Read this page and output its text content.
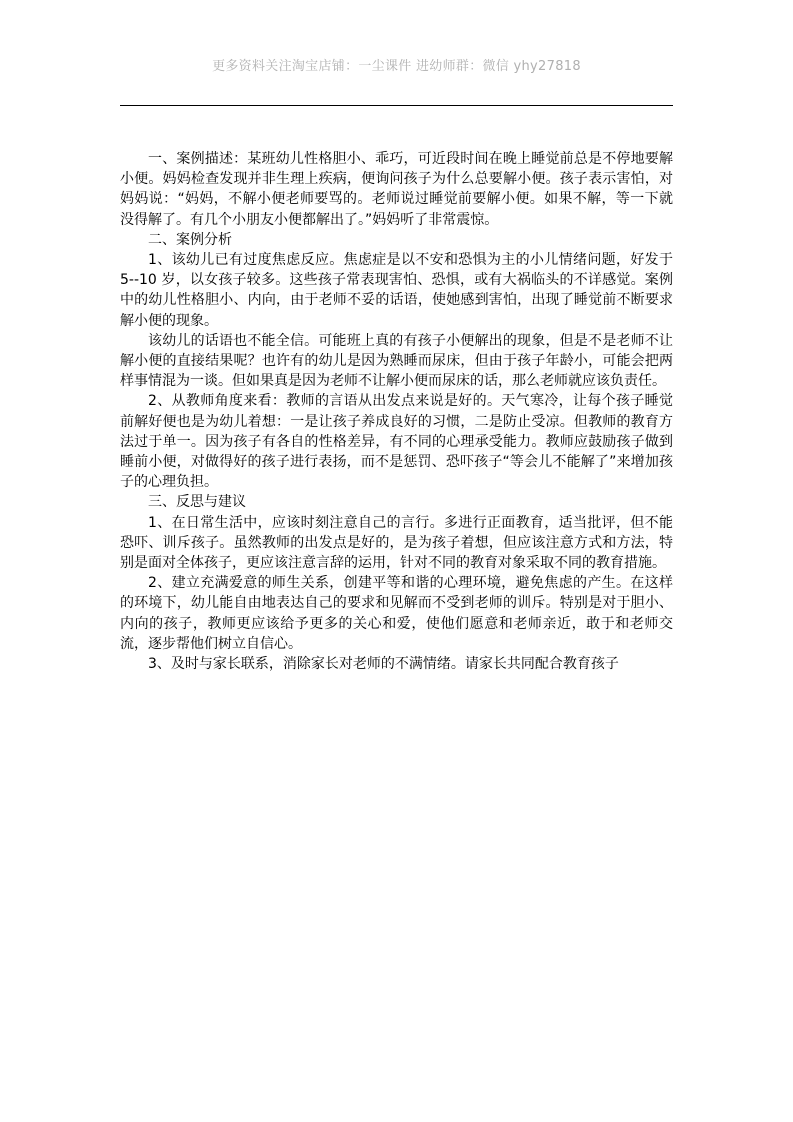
更多资料关注淘宝店铺：一尘课件 进幼师群：微信 yhy27818

一、案例描述：某班幼儿性格胆小、乖巧，可近段时间在晚上睡觉前总是不停地要解小便。妈妈检查发现并非生理上疾病，便询问孩子为什么总要解小便。孩子表示害怕，对妈妈说：“妈妈，不解小便老师要骂的。老师说过睡觉前要解小便。如果不解，等一下就没得解了。有几个小朋友小便都解出了。”妈妈听了非常震惊。

二、案例分析

1、该幼儿已有过度焦虑反应。焦虑症是以不安和恐惧为主的小儿情绪问题，好发于 5--10 岁，以女孩子较多。这些孩子常表现害怕、恐惧，或有大祸临头的不详感觉。案例中的幼儿性格胆小、内向，由于老师不妥的话语，使她感到害怕，出现了睡觉前不断要求解小便的现象。

该幼儿的话语也不能全信。可能班上真的有孩子小便解出的现象，但是不是老师不让解小便的直接结果呢？也许有的幼儿是因为熟睡而尿床，但由于孩子年龄小，可能会把两样事情混为一谈。但如果真是因为老师不让解小便而尿床的话，那么老师就应该负责任。

2、从教师角度来看：教师的言语从出发点来说是好的。天气寒冷，让每个孩子睡觉前解好便也是为幼儿着想：一是让孩子养成良好的习惯，二是防止受凉。但教师的教育方法过于单一。因为孩子有各自的性格差异，有不同的心理承受能力。教师应鼓励孩子做到睡前小便，对做得好的孩子进行表扬，而不是惩罚、恐吓孩子“等会儿不能解了”来增加孩子的心理负担。

三、反思与建议

1、在日常生活中，应该时刻注意自己的言行。多进行正面教育，适当批评，但不能恐吓、训斥孩子。虽然教师的出发点是好的，是为孩子着想，但应该注意方式和方法，特别是面对全体孩子，更应该注意言辞的运用，针对不同的教育对象采取不同的教育措施。

2、建立充满爱意的师生关系，创建平等和谐的心理环境，避免焦虑的产生。在这样的环境下，幼儿能自由地表达自己的要求和见解而不受到老师的训斥。特别是对于胆小、内向的孩子，教师更应该给予更多的关心和爱，使他们愿意和老师亲近，敢于和老师交流，逐步帮他们树立自信心。

3、及时与家长联系，消除家长对老师的不满情绪。请家长共同配合教育孩子
